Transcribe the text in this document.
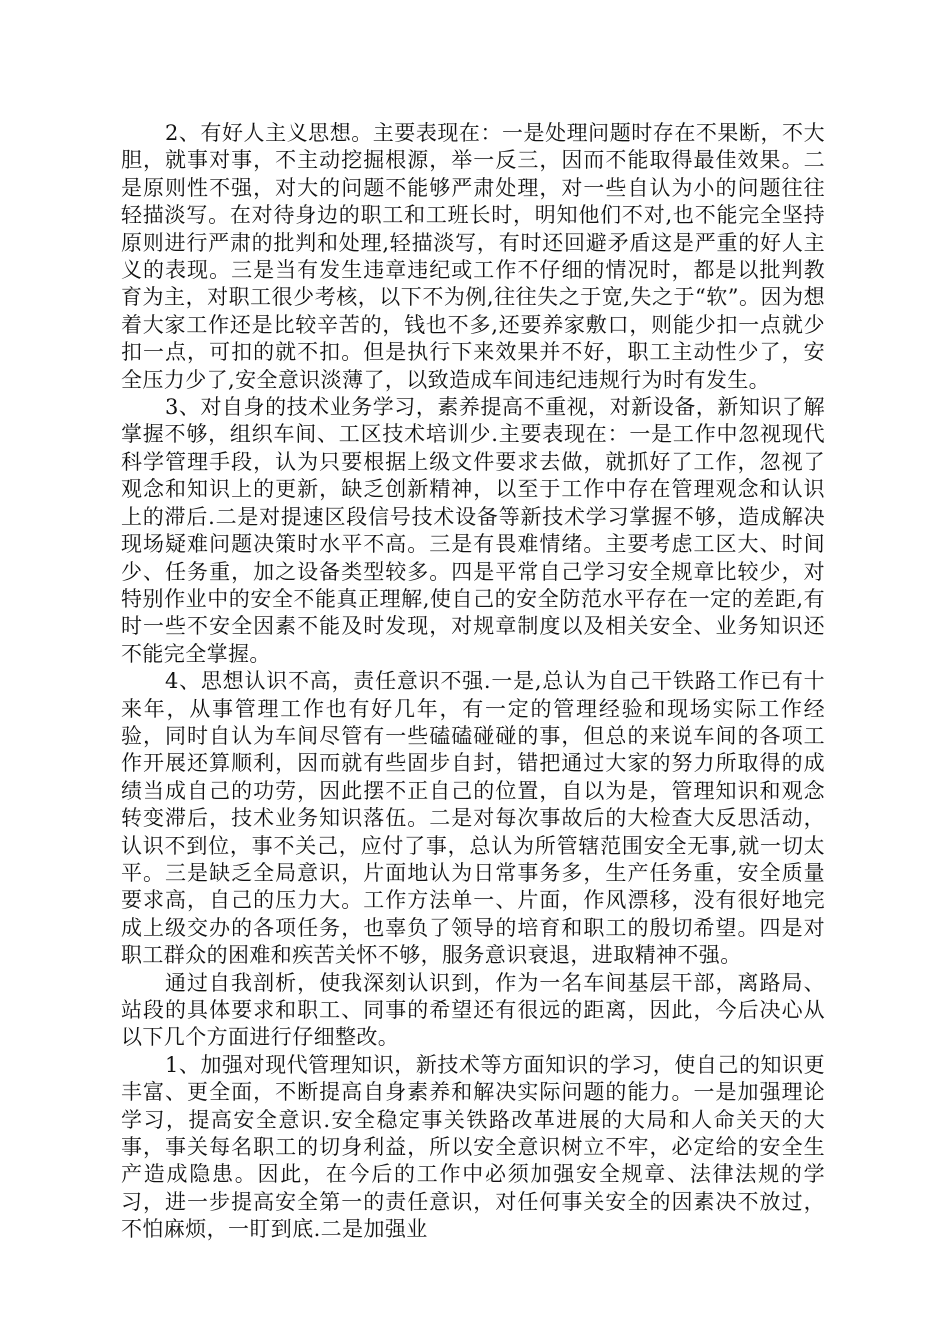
2、有好人主义思想。主要表现在：一是处理问题时存在不果断，不大胆，就事对事，不主动挖掘根源，举一反三，因而不能取得最佳效果。二是原则性不强，对大的问题不能够严肃处理，对一些自认为小的问题往往轻描淡写。在对待身边的职工和工班长时，明知他们不对,也不能完全坚持原则进行严肃的批判和处理,轻描淡写，有时还回避矛盾这是严重的好人主义的表现。三是当有发生违章违纪或工作不仔细的情况时，都是以批判教育为主，对职工很少考核，以下不为例,往往失之于宽,失之于“软”。因为想着大家工作还是比较辛苦的，钱也不多,还要养家敷口，则能少扣一点就少扣一点，可扣的就不扣。但是执行下来效果并不好，职工主动性少了，安全压力少了,安全意识淡薄了，以致造成车间违纪违规行为时有发生。

3、对自身的技术业务学习，素养提高不重视，对新设备，新知识了解掌握不够，组织车间、工区技术培训少.主要表现在：一是工作中忽视现代科学管理手段，认为只要根据上级文件要求去做，就抓好了工作，忽视了观念和知识上的更新，缺乏创新精神，以至于工作中存在管理观念和认识上的滞后.二是对提速区段信号技术设备等新技术学习掌握不够，造成解决现场疑难问题决策时水平不高。三是有畏难情绪。主要考虑工区大、时间少、任务重，加之设备类型较多。四是平常自己学习安全规章比较少，对特别作业中的安全不能真正理解,使自己的安全防范水平存在一定的差距,有时一些不安全因素不能及时发现，对规章制度以及相关安全、业务知识还不能完全掌握。

4、思想认识不高，责任意识不强.一是,总认为自己干铁路工作已有十来年，从事管理工作也有好几年，有一定的管理经验和现场实际工作经验，同时自认为车间尽管有一些磕磕碰碰的事，但总的来说车间的各项工作开展还算顺利，因而就有些固步自封，错把通过大家的努力所取得的成绩当成自己的功劳，因此摆不正自己的位置，自以为是，管理知识和观念转变滞后，技术业务知识落伍。二是对每次事故后的大检查大反思活动，认识不到位，事不关己，应付了事，总认为所管辖范围安全无事,就一切太平。三是缺乏全局意识，片面地认为日常事务多，生产任务重，安全质量要求高，自己的压力大。工作方法单一、片面，作风漂移，没有很好地完成上级交办的各项任务，也辜负了领导的培育和职工的殷切希望。四是对职工群众的困难和疾苦关怀不够，服务意识衰退，进取精神不强。

通过自我剖析，使我深刻认识到，作为一名车间基层干部，离路局、站段的具体要求和职工、同事的希望还有很远的距离，因此，今后决心从以下几个方面进行仔细整改。

1、加强对现代管理知识，新技术等方面知识的学习，使自己的知识更丰富、更全面，不断提高自身素养和解决实际问题的能力。一是加强理论学习，提高安全意识.安全稳定事关铁路改革进展的大局和人命关天的大事，事关每名职工的切身利益，所以安全意识树立不牢，必定给的安全生产造成隐患。因此，在今后的工作中必须加强安全规章、法律法规的学习，进一步提高安全第一的责任意识，对任何事关安全的因素决不放过，不怕麻烦，一盯到底.二是加强业
